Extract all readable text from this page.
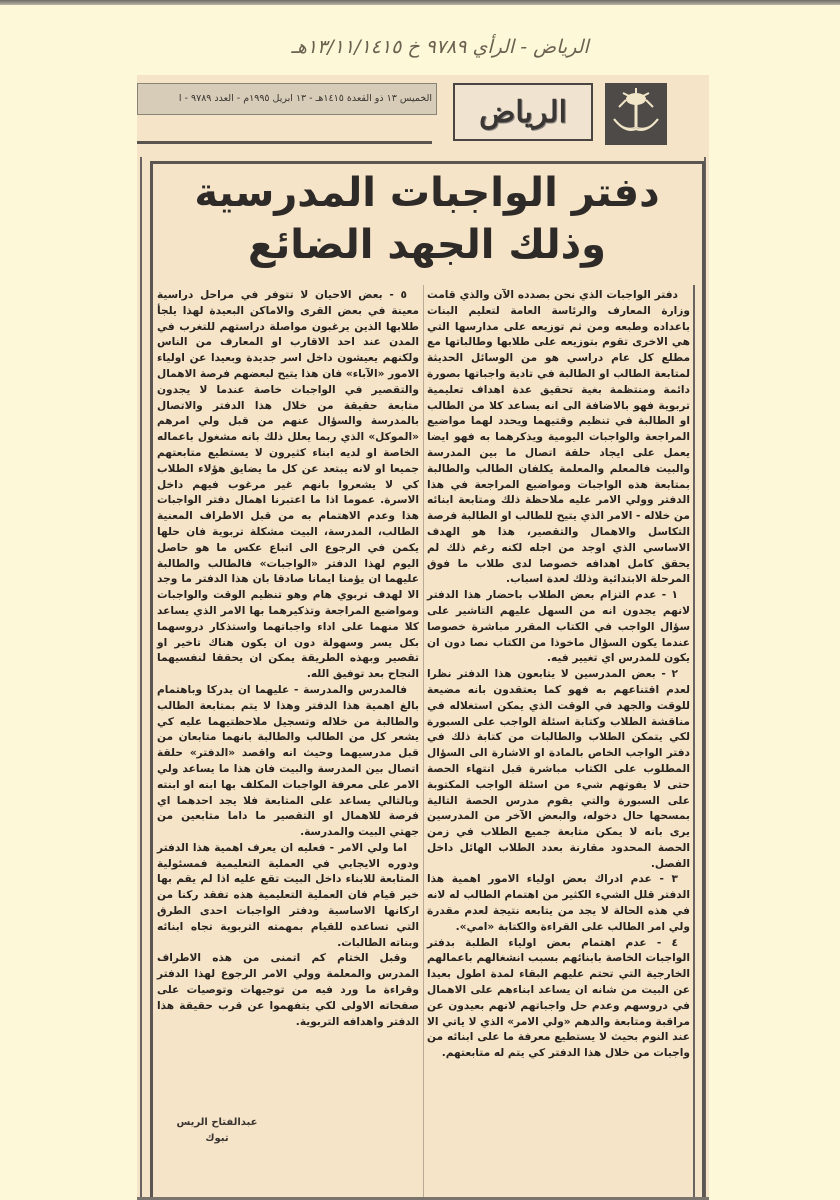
الرياض - الرأي ٩٧٨٩ خ ١٣/١١/١٤١٥هـ
الرياض
الخميس ١٣ ذو القعدة ١٤١٥هـ - ١٣ ابريل ١٩٩٥م - العدد ٩٧٨٩ - ا
دفتر الواجبات المدرسية
وذلك الجهد الضائع

دفتر الواجبات الذي نحن بصدده الآن والذي قامت وزارة المعارف والرئاسة العامة لتعليم البنات باعداده وطبعه ومن ثم توزيعه على مدارسها التي هي الاخرى تقوم بتوزيعه على طلابها وطالباتها مع مطلع كل عام دراسي هو من الوسائل الحديثة لمتابعة الطالب او الطالبة في تادية واجباتها بصورة دائمة ومنتظمة بغية تحقيق عدة اهداف تعليمية تربوية فهو بالاضافة الى انه يساعد كلا من الطالب او الطالبة في تنظيم وقتيهما ويحدد لهما مواضيع المراجعة والواجبات اليومية ويذكرهما به فهو ايضا يعمل على ايجاد حلقة اتصال ما بين المدرسة والبيت فالمعلم والمعلمة يكلفان الطالب والطالبة بمتابعة هذه الواجبات ومواضيع المراجعة في هذا الدفتر وولي الامر عليه ملاحظة ذلك ومتابعة ابنائه من خلاله - الامر الذي يتيح للطالب او الطالبة فرصة التكاسل والاهمال والتقصير، هذا هو الهدف الاساسي الذي اوجد من اجله لكنه رغم ذلك لم يحقق كامل اهدافه خصوصا لدى طلاب ما فوق المرحلة الابتدائية وذلك لعدة اسباب.

١ - عدم التزام بعض الطلاب باحضار هذا الدفتر لانهم يجدون انه من السهل عليهم التاشير على سؤال الواجب في الكتاب المقرر مباشرة خصوصا عندما يكون السؤال ماخوذا من الكتاب نصا دون ان يكون للمدرس اي تغيير فيه.

٢ - بعض المدرسين لا يتابعون هذا الدفتر نظرا لعدم اقتناعهم به فهو كما يعتقدون بانه مضيعة للوقت والجهد في الوقت الذي يمكن استغلاله في مناقشة الطلاب وكتابة اسئلة الواجب على السبورة لكي يتمكن الطلاب والطالبات من كتابة ذلك في دفتر الواجب الخاص بالمادة او الاشارة الى السؤال المطلوب على الكتاب مباشرة قبل انتهاء الحصة حتى لا يفوتهم شيء من اسئلة الواجب المكتوبة على السبورة والتي يقوم مدرس الحصة التالية بمسحها حال دخوله، والبعض الآخر من المدرسين يرى بانه لا يمكن متابعة جميع الطلاب في زمن الحصة المحدود مقارنة بعدد الطلاب الهائل داخل الفصل.

٣ - عدم ادراك بعض اولياء الامور اهمية هذا الدفتر قلل الشيء الكثير من اهتمام الطالب له لانه في هذه الحالة لا يجد من يتابعه نتيجة لعدم مقدرة ولي امر الطالب على القراءة والكتابة «امي».

٤ - عدم اهتمام بعض اولياء الطلبة بدفتر الواجبات الخاصة بابنائهم بسبب انشغالهم باعمالهم الخارجية التي تحتم عليهم البقاء لمدة اطول بعيدا عن البيت من شانه ان يساعد ابناءهم على الاهمال في دروسهم وعدم حل واجباتهم لانهم بعيدون عن مراقبة ومتابعة والدهم «ولي الامر» الذي لا ياتي الا عند النوم بحيث لا يستطيع معرفة ما على ابنائه من واجبات من خلال هذا الدفتر كي يتم له متابعتهم.

٥ - بعض الاحيان لا تتوفر في مراحل دراسية معينة في بعض القرى والاماكن البعيدة لهذا يلجأ طلابها الذين يرغبون مواصلة دراستهم للتغرب في المدن عند احد الاقارب او المعارف من الناس ولكنهم يعيشون داخل اسر جديدة وبعيدا عن اولياء الامور «الآباء» فان هذا يتيح لبعضهم فرصة الاهمال والتقصير في الواجبات خاصة عندما لا يجدون متابعة حقيقة من خلال هذا الدفتر والاتصال بالمدرسة والسؤال عنهم من قبل ولي امرهم «الموكل» الذي ربما يعلل ذلك بانه مشغول باعماله الخاصة او لديه ابناء كثيرون لا يستطيع متابعتهم جميعا او لانه يبتعد عن كل ما يضايق هؤلاء الطلاب كي لا يشعروا بانهم غير مرغوب فيهم داخل الاسرة. عموما اذا ما اعتبرنا اهمال دفتر الواجبات هذا وعدم الاهتمام به من قبل الاطراف المعنية الطالب، المدرسة، البيت مشكلة تربوية فان حلها يكمن في الرجوع الى اتباع عكس ما هو حاصل اليوم لهذا الدفتر «الواجبات» فالطالب والطالبة عليهما ان يؤمنا ايمانا صادقا بان هذا الدفتر ما وجد الا لهدف تربوي هام وهو تنظيم الوقت والواجبات ومواضيع المراجعة وتذكيرهما بها الامر الذي يساعد كلا منهما على اداء واجباتهما واستذكار دروسهما بكل يسر وسهولة دون ان يكون هناك تاخير او تقصير وبهذه الطريقة يمكن ان يحققا لنفسيهما النجاح بعد توفيق الله.

فالمدرس والمدرسة - عليهما ان يدركا وباهتمام بالغ اهمية هذا الدفتر وهذا لا يتم بمتابعة الطالب والطالبة من خلاله وتسجيل ملاحظتيهما عليه كي يشعر كل من الطالب والطالبة بانهما متابعان من قبل مدرسيهما وحيث انه واقصد «الدفتر» حلقة اتصال بين المدرسة والبيت فان هذا ما يساعد ولي الامر على معرفة الواجبات المكلف بها ابنه او ابنته وبالتالي يساعد على المتابعة فلا يجد احدهما اي فرصة للاهمال او التقصير ما داما متابعين من جهتي البيت والمدرسة.

اما ولي الامر - فعليه ان يعرف اهمية هذا الدفتر ودوره الايجابي في العملية التعليمية فمسئولية المتابعة للابناء داخل البيت تقع عليه اذا لم يقم بها خير قيام فان العملية التعليمية هذه تفقد ركنا من اركانها الاساسية ودفتر الواجبات احدى الطرق التي تساعده للقيام بمهمته التربوية تجاه ابنائه وبناته الطالبات.

وقبل الختام كم اتمنى من هذه الاطراف المدرس والمعلمة وولي الامر الرجوع لهذا الدفتر وقراءة ما ورد فيه من توجيهات وتوصيات على صفحاته الاولى لكي يتفهموا عن قرب حقيقة هذا الدفتر واهدافه التربوية.

عبدالفتاح الريس
تبوك
